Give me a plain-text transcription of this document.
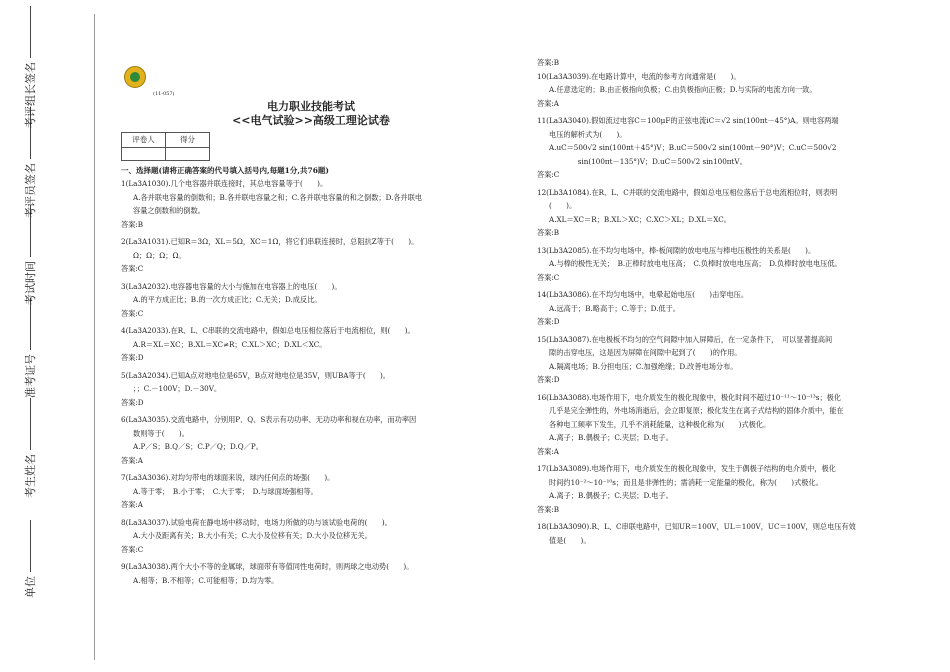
单位
考生姓名
准考证号
考试时间
考评员签名
考评组长签名	(11-057)

电力职业技能考试

<<电气试验>>高级工理论试卷

评卷人	得分

一、选择题(请将正确答案的代号填入括号内,每题1分,共76题)

1(La3A1030).几个电容器并联连接时，其总电容量等于(　　)。

A.各并联电容量的倒数和；B.各并联电容量之和；C.各并联电容量的和之倒数；D.各并联电

容量之倒数和的倒数。

答案:B

2(La3A1031).已知R＝3Ω，XL＝5Ω，XC＝1Ω，将它们串联连接时，总阻抗Z等于(　　)。

Ω；Ω；Ω；Ω。

答案:C

3(La3A2032).电容器电容量的大小与施加在电容器上的电压(　　)。

A.的平方成正比；B.的一次方成正比；C.无关；D.成反比。

答案:C

4(La3A2033).在R、L、C串联的交流电路中，假如总电压相位落后于电流相位，则(　　)。

A.R＝XL＝XC；B.XL＝XC≠R；C.XL＞XC；D.XL＜XC。

答案:D

5(La3A2034).已知A点对地电位是65V，B点对地电位是35V，则UBA等于(　　)。

；；C.－100V；D.－30V。

答案:D

6(La3A3035).交流电路中，分别用P、Q、S表示有功功率、无功功率和视在功率，而功率因

数则等于(　　)。

A.P／S；B.Q／S；C.P／Q；D.Q／P。

答案:A

7(La3A3036).对均匀带电的球面来说，球内任何点的场强(　　)。

A.等于零；　B.小于零；　C.大于零；　D.与球面场强相等。

答案:A

8(La3A3037).试验电荷在静电场中移动时，电场力所做的功与该试验电荷的(　　)。

A.大小及距离有关；B.大小有关；C.大小及位移有关；D.大小及位移无关。

答案:C

9(La3A3038).两个大小不等的金属球，球面带有等值同性电荷时，则两球之电动势(　　)。

A.相等；B.不相等；C.可能相等；D.均为零。

答案:B

10(La3A3039).在电路计算中，电流的参考方向通常是(　　)。

A.任意选定的；B.由正极指向负极；C.由负极指向正极；D.与实际的电流方向一致。

答案:A

11(La3A3040).假如流过电容C＝100μF的正弦电流iC＝√2 sin(100πt－45°)A。则电容两端

电压的解析式为(　　)。

A.uC＝500√2 sin(100πt＋45°)V；B.uC＝500√2 sin(100πt－90°)V；C.uC＝500√2

　　　　sin(100πt－135°)V；D.uC＝500√2 sin100πtV。

答案:C

12(Lb3A1084).在R、L、C并联的交流电路中，假如总电压相位落后于总电流相位时，则表明

(　　)。

A.XL＝XC＝R；B.XL＞XC；C.XC＞XL；D.XL＝XC。

答案:B

13(Lb3A2085).在不均匀电场中，棒-板间隙的放电电压与棒电压极性的关系是(　　)。

A.与棒的极性无关；　B.正棒时放电电压高；　C.负棒时放电电压高；　D.负棒时放电电压低。

答案:C

14(Lb3A3086).在不均匀电场中，电晕起始电压(　　)击穿电压。

A.远高于；B.略高于；C.等于；D.低于。

答案:D

15(Lb3A3087).在电极板不均匀的空气间隙中加入屏障后，在一定条件下，　可以显著提高间

隙的击穿电压，这是因为屏障在间隙中起到了(　　)的作用。

A.隔离电场；B.分担电压；C.加强绝缘；D.改善电场分布。

答案:D

16(Lb3A3088).电场作用下，电介质发生的极化现象中，极化时间不超过10⁻¹¹～10⁻¹³s；极化

几乎是完全弹性的，外电场消逝后，会立即复原；极化发生在离子式结构的固体介质中，能在

各种电工频率下发生，几乎不消耗能量，这种极化称为(　　)式极化。

A.离子；B.偶极子；C.夹层；D.电子。

答案:A

17(Lb3A3089).电场作用下，电介质发生的极化现象中，发生于偶极子结构的电介质中，极化

时间约10⁻²～10⁻¹⁰s；而且是非弹性的；需消耗一定能量的极化，称为(　　)式极化。

A.离子；B.偶极子；C.夹层；D.电子。

答案:B

18(Lb3A3090).R、L、C串联电路中，已知UR＝100V，UL＝100V，UC＝100V，则总电压有效

值是(　　)。
